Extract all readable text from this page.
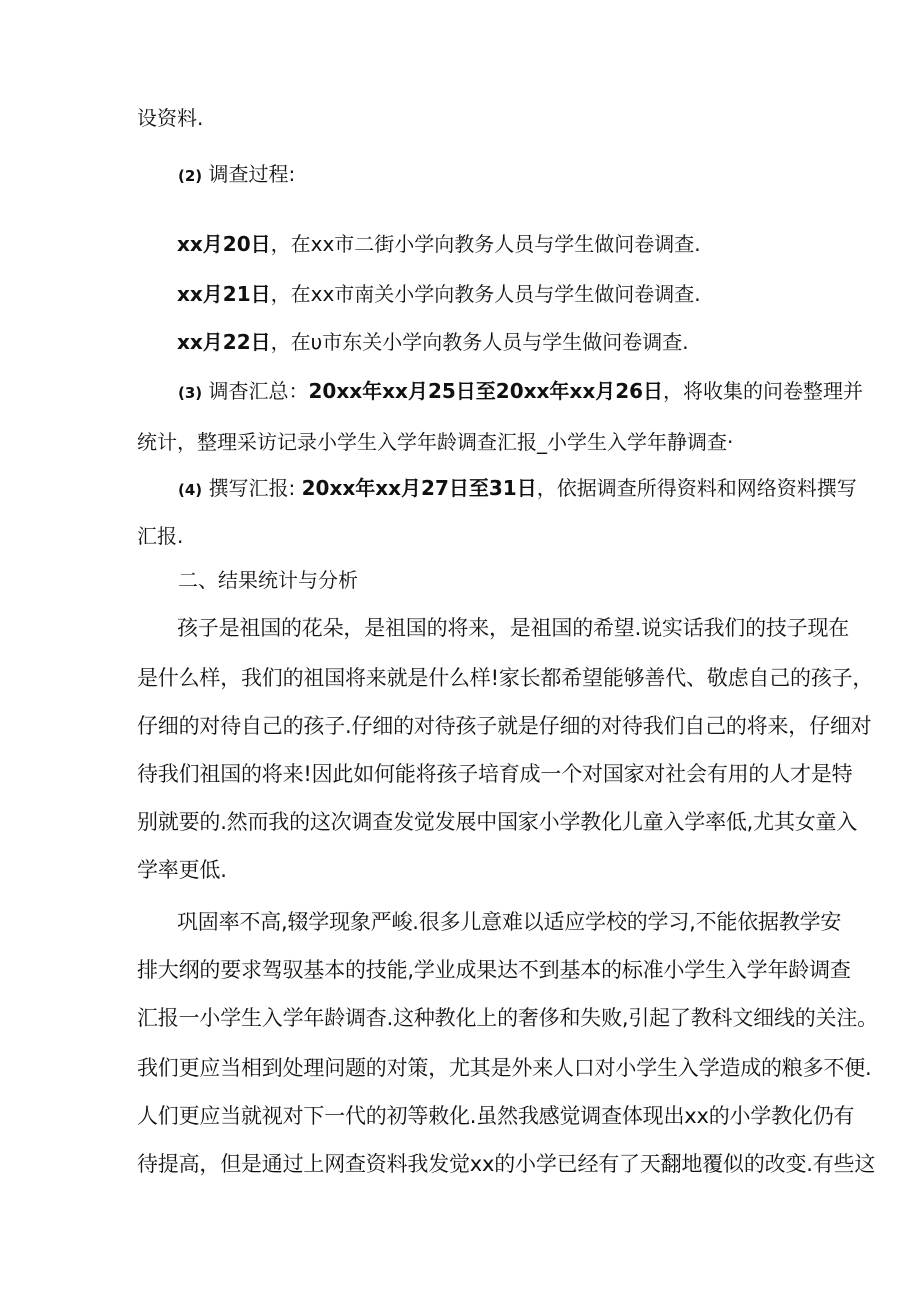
设资料.
(2) 调查过程:
xx月20日，在xx市二街小学向教务人员与学生做问卷调查.
xx月21日，在xx市南关小学向教务人员与学生做问卷调查.
xx月22日，在υ市东关小学向教务人员与学生做问卷调查.
(3) 调杳汇总：20xx年xx月25日至20xx年xx月26日，将收集的问卷整理并
统计，整理采访记录小学生入学年龄调查汇报_小学生入学年静调查·
(4) 撰写汇报: 20xx年xx月27日至31日，依据调查所得资料和网络资料撰写
汇报.
二、结果统计与分析
孩子是祖国的花朵，是祖国的将来，是祖国的希望.说实话我们的技子现在
是什么样，我们的祖国将来就是什么样!家长都希望能够善代、敬虑自己的孩子，
仔细的对待自己的孩子.仔细的对待孩子就是仔细的对待我们自己的将来，仔细对
待我们祖国的将来!因此如何能将孩子培育成一个对国家对社会有用的人才是特
别就要的.然而我的这次调查发觉发展中国家小学教化儿童入学率低,尤其女童入
学率更低.
巩固率不高,辍学现象严峻.很多儿意难以适应学校的学习,不能依据教学安
排大纲的要求驾驭基本的技能,学业成果达不到基本的标准小学生入学年龄调查
汇报一小学生入学年龄调杳.这种教化上的奢侈和失败,引起了教科文细线的关注。
我们更应当相到处理问题的对策，尤其是外来人口对小学生入学造成的粮多不便.
人们更应当就视对下一代的初等敕化.虽然我感觉调查体现出xx的小学教化仍有
待提高，但是通过上网查资料我发觉xx的小学已经有了天翻地覆似的改变.有些这
